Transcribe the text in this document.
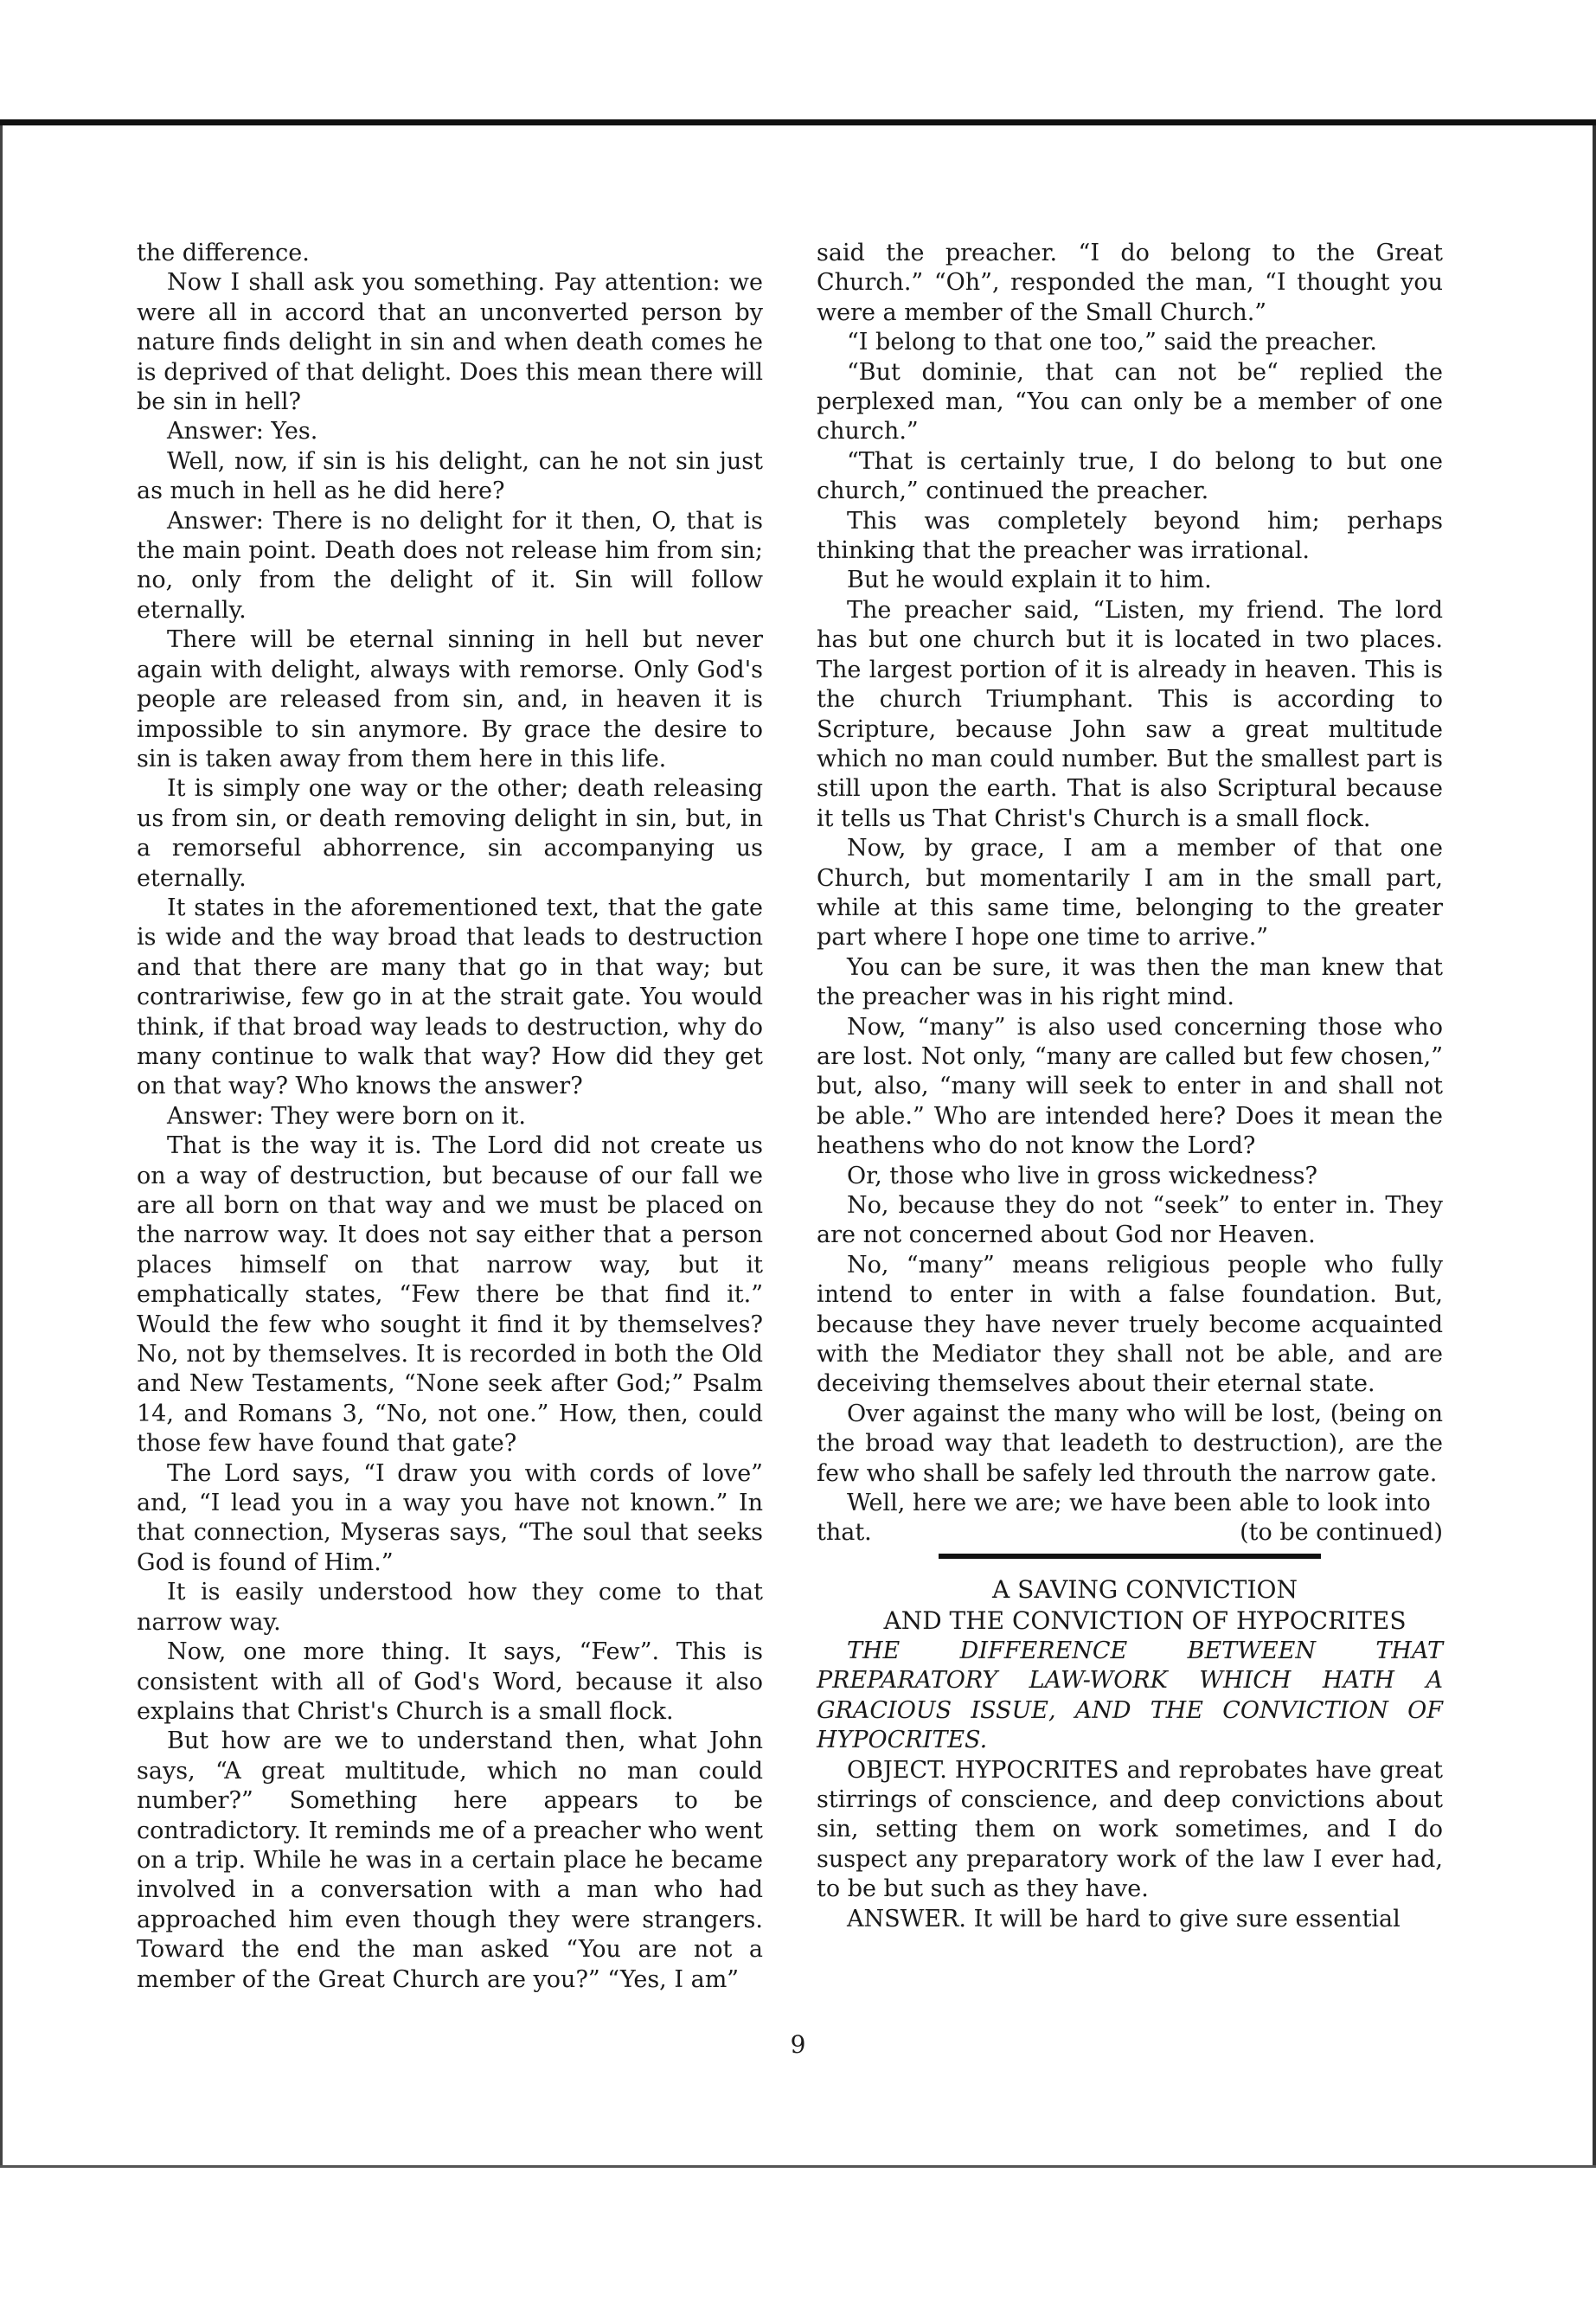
the difference.

Now I shall ask you something. Pay attention: we were all in accord that an unconverted person by nature finds delight in sin and when death comes he is deprived of that delight. Does this mean there will be sin in hell?

Answer: Yes.

Well, now, if sin is his delight, can he not sin just as much in hell as he did here?

Answer: There is no delight for it then, O, that is the main point. Death does not release him from sin; no, only from the delight of it. Sin will follow eternally.

There will be eternal sinning in hell but never again with delight, always with remorse. Only God's people are released from sin, and, in heaven it is impossible to sin anymore. By grace the desire to sin is taken away from them here in this life.

It is simply one way or the other; death releasing us from sin, or death removing delight in sin, but, in a remorseful abhorrence, sin accompanying us eternally.

It states in the aforementioned text, that the gate is wide and the way broad that leads to destruction and that there are many that go in that way; but contrariwise, few go in at the strait gate. You would think, if that broad way leads to destruction, why do many continue to walk that way? How did they get on that way? Who knows the answer?

Answer: They were born on it.

That is the way it is. The Lord did not create us on a way of destruction, but because of our fall we are all born on that way and we must be placed on the narrow way. It does not say either that a person places himself on that narrow way, but it emphatically states, “Few there be that find it.” Would the few who sought it find it by themselves? No, not by themselves. It is recorded in both the Old and New Testaments, “None seek after God;” Psalm 14, and Romans 3, “No, not one.” How, then, could those few have found that gate?

The Lord says, “I draw you with cords of love” and, “I lead you in a way you have not known.” In that connection, Myseras says, “The soul that seeks God is found of Him.”

It is easily understood how they come to that narrow way.

Now, one more thing. It says, “Few”. This is consistent with all of God's Word, because it also explains that Christ's Church is a small flock.

But how are we to understand then, what John says, “A great multitude, which no man could number?” Something here appears to be contradictory. It reminds me of a preacher who went on a trip. While he was in a certain place he became involved in a conversation with a man who had approached him even though they were strangers. Toward the end the man asked “You are not a member of the Great Church are you?” “Yes, I am”

said the preacher. “I do belong to the Great Church.” “Oh”, responded the man, “I thought you were a member of the Small Church.”

“I belong to that one too,” said the preacher.

“But dominie, that can not be“ replied the perplexed man, “You can only be a member of one church.”

“That is certainly true, I do belong to but one church,” continued the preacher.

This was completely beyond him; perhaps thinking that the preacher was irrational.

But he would explain it to him.

The preacher said, “Listen, my friend. The lord has but one church but it is located in two places. The largest portion of it is already in heaven. This is the church Triumphant. This is according to Scripture, because John saw a great multitude which no man could number. But the smallest part is still upon the earth. That is also Scriptural because it tells us That Christ's Church is a small flock.

Now, by grace, I am a member of that one Church, but momentarily I am in the small part, while at this same time, belonging to the greater part where I hope one time to arrive.”

You can be sure, it was then the man knew that the preacher was in his right mind.

Now, “many” is also used concerning those who are lost. Not only, “many are called but few chosen,” but, also, “many will seek to enter in and shall not be able.” Who are intended here? Does it mean the heathens who do not know the Lord?

Or, those who live in gross wickedness?

No, because they do not “seek” to enter in. They are not concerned about God nor Heaven.

No, “many” means religious people who fully intend to enter in with a false foundation. But, because they have never truely become acquainted with the Mediator they shall not be able, and are deceiving themselves about their eternal state.

Over against the many who will be lost, (being on the broad way that leadeth to destruction), are the few who shall be safely led throuth the narrow gate.

Well, here we are; we have been able to look into

that.	(to be continued)

A SAVING CONVICTION

AND THE CONVICTION OF HYPOCRITES

THE DIFFERENCE BETWEEN THAT PREPARATORY LAW-WORK WHICH HATH A GRACIOUS ISSUE, AND THE CONVICTION OF HYPOCRITES.

OBJECT. HYPOCRITES and reprobates have great stirrings of conscience, and deep convictions about sin, setting them on work sometimes, and I do suspect any preparatory work of the law I ever had, to be but such as they have.

ANSWER. It will be hard to give sure essential

9
